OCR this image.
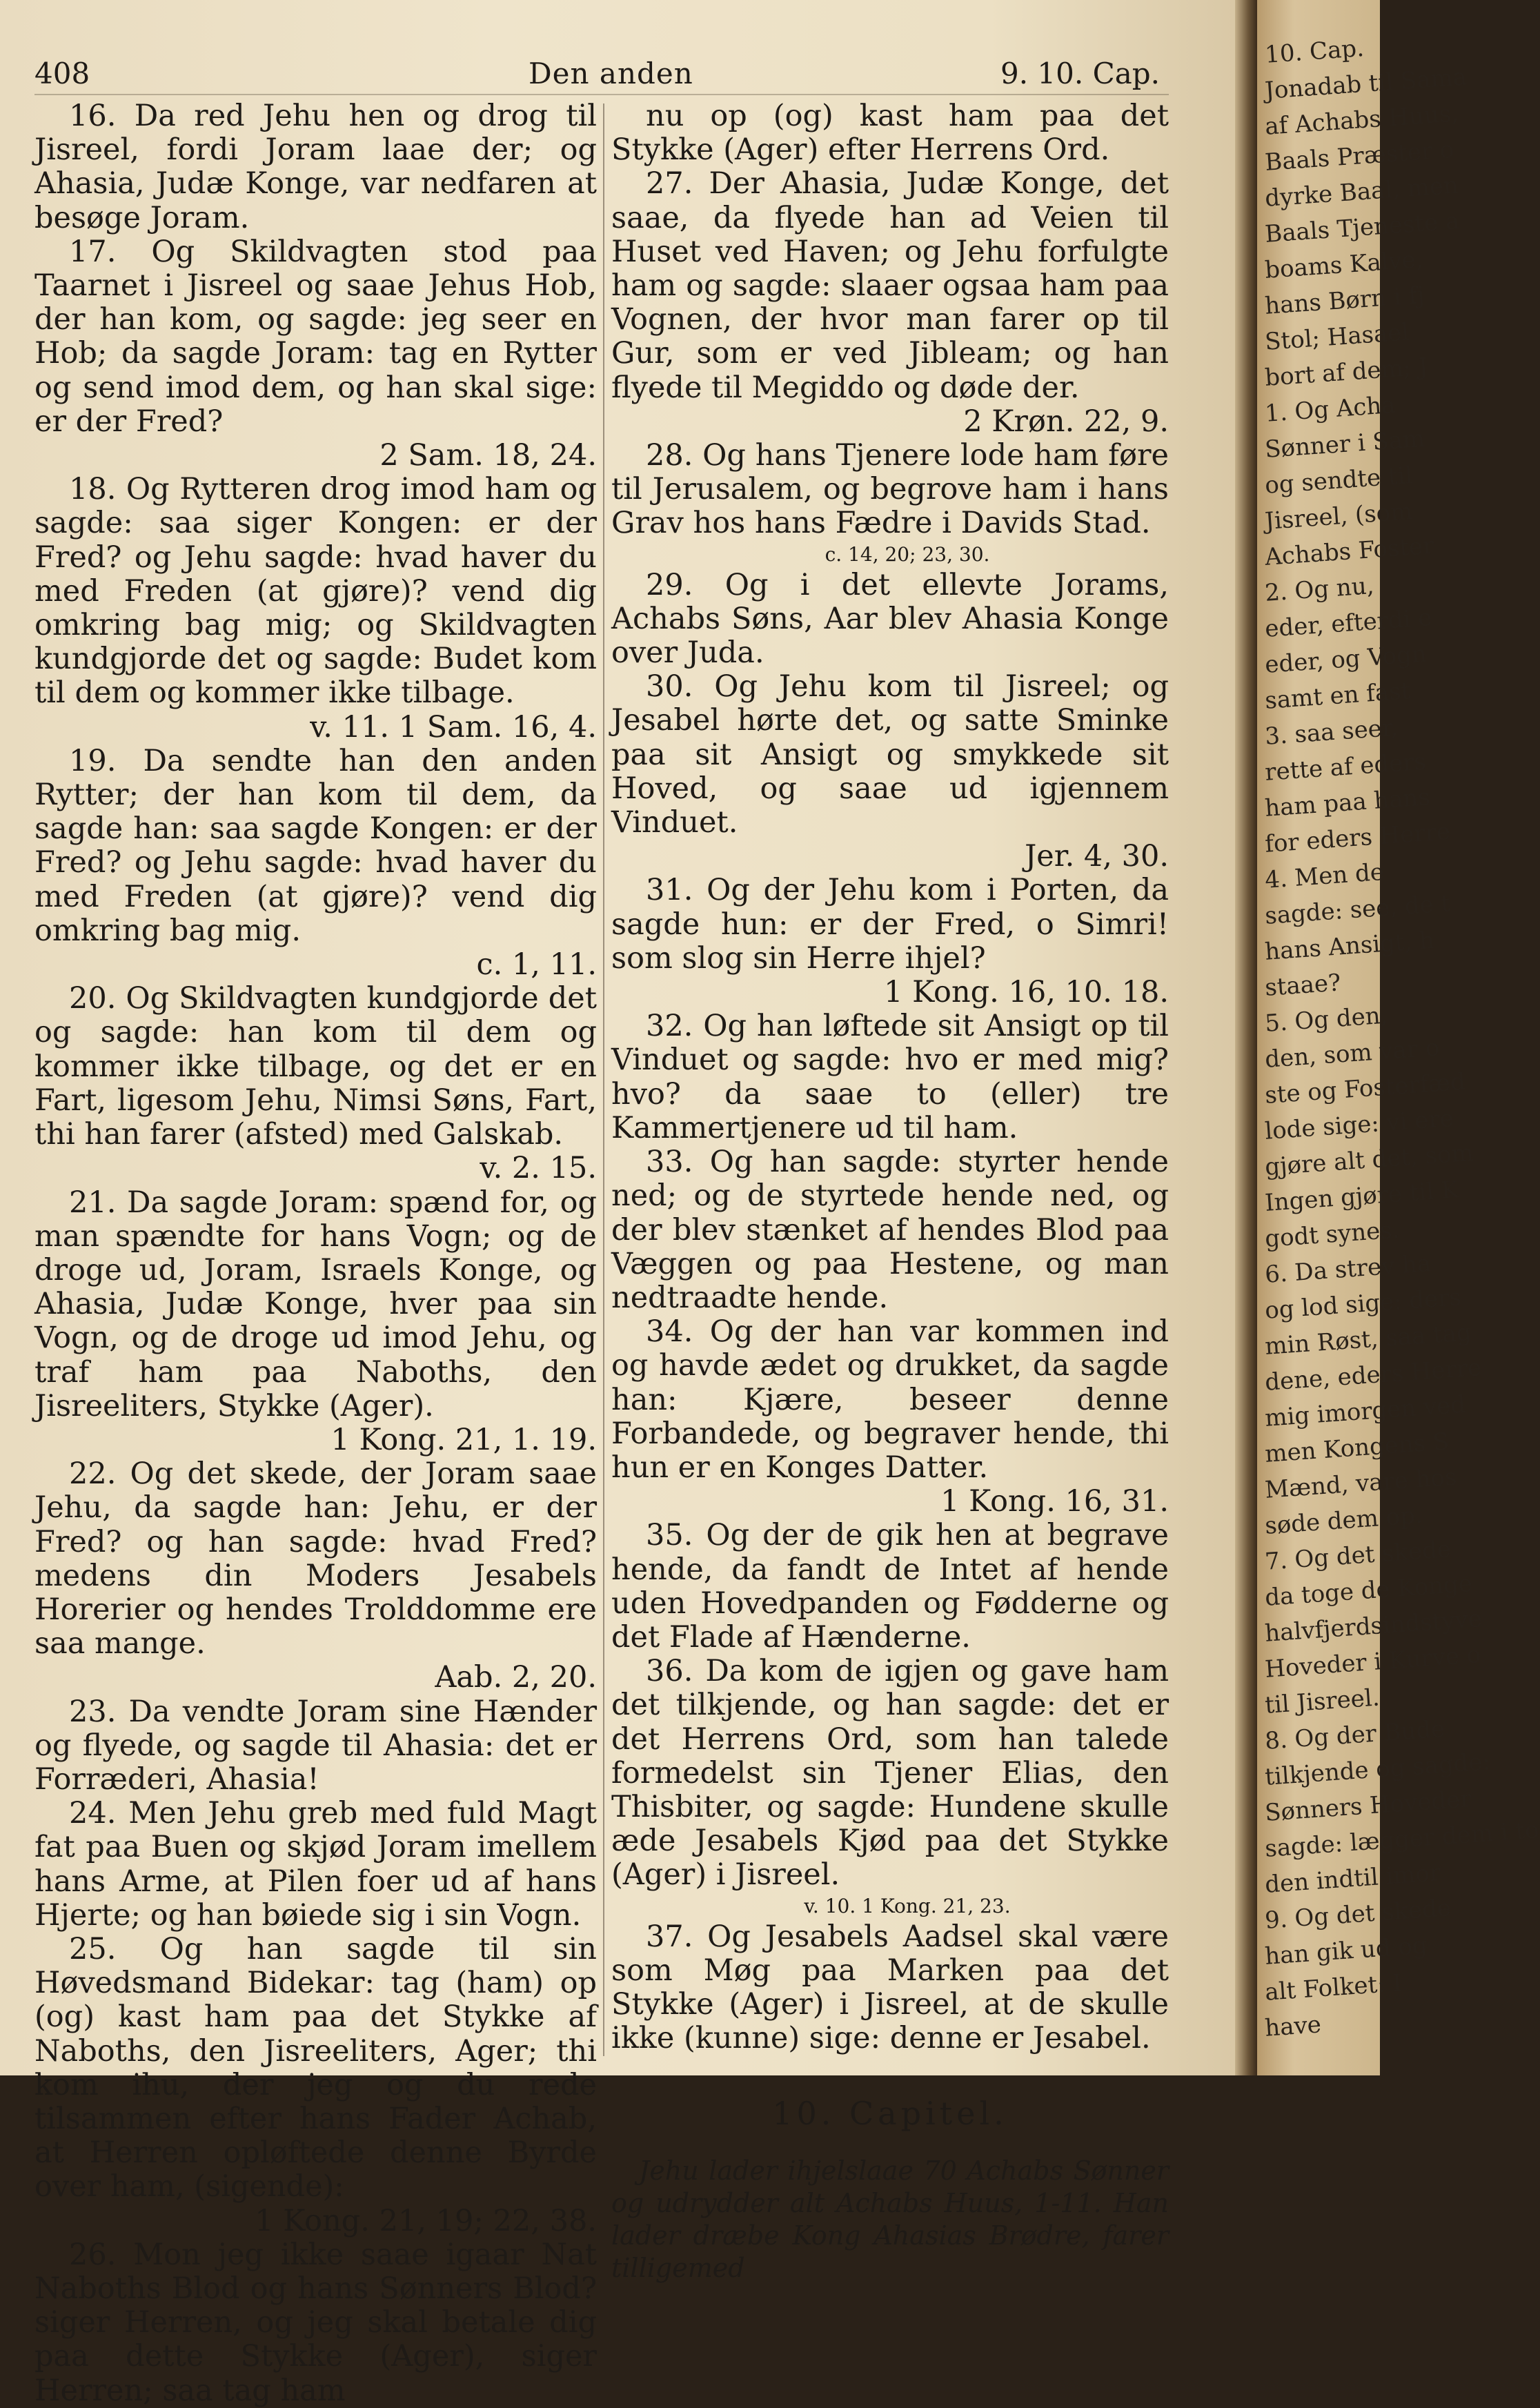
408	Den anden	9. 10. Cap.

16. Da red Jehu hen og drog til Jisreel, fordi Joram laae der; og Ahasia, Judæ Konge, var nedfaren at besøge Joram.

17. Og Skildvagten stod paa Taarnet i Jisreel og saae Jehus Hob, der han kom, og sagde: jeg seer en Hob; da sagde Joram: tag en Rytter og send imod dem, og han skal sige: er der Fred?
2 Sam. 18, 24.

18. Og Rytteren drog imod ham og sagde: saa siger Kongen: er der Fred? og Jehu sagde: hvad haver du med Freden (at gjøre)? vend dig omkring bag mig; og Skildvagten kundgjorde det og sagde: Budet kom til dem og kommer ikke tilbage.
v. 11. 1 Sam. 16, 4.

19. Da sendte han den anden Rytter; der han kom til dem, da sagde han: saa sagde Kongen: er der Fred? og Jehu sagde: hvad haver du med Freden (at gjøre)? vend dig omkring bag mig.
c. 1, 11.

20. Og Skildvagten kundgjorde det og sagde: han kom til dem og kommer ikke tilbage, og det er en Fart, ligesom Jehu, Nimsi Søns, Fart, thi han farer (afsted) med Galskab.
v. 2. 15.

21. Da sagde Joram: spænd for, og man spændte for hans Vogn; og de droge ud, Joram, Israels Konge, og Ahasia, Judæ Konge, hver paa sin Vogn, og de droge ud imod Jehu, og traf ham paa Naboths, den Jisreeliters, Stykke (Ager).
1 Kong. 21, 1. 19.

22. Og det skede, der Joram saae Jehu, da sagde han: Jehu, er der Fred? og han sagde: hvad Fred? medens din Moders Jesabels Horerier og hendes Trolddomme ere saa mange.
Aab. 2, 20.

23. Da vendte Joram sine Hænder og flyede, og sagde til Ahasia: det er Forræderi, Ahasia!

24. Men Jehu greb med fuld Magt fat paa Buen og skjød Joram imellem hans Arme, at Pilen foer ud af hans Hjerte; og han bøiede sig i sin Vogn.

25. Og han sagde til sin Høvedsmand Bidekar: tag (ham) op (og) kast ham paa det Stykke af Naboths, den Jisreeliters, Ager; thi kom ihu, der jeg og du rede tilsammen efter hans Fader Achab, at Herren opløftede denne Byrde over ham, (sigende):
1 Kong. 21, 19; 22, 38.

26. Mon jeg ikke saae igaar Nat Naboths Blod og hans Sønners Blod? siger Herren, og jeg skal betale dig paa dette Stykke (Ager), siger Herren; saa tag ham

nu op (og) kast ham paa det Stykke (Ager) efter Herrens Ord.

27. Der Ahasia, Judæ Konge, det saae, da flyede han ad Veien til Huset ved Haven; og Jehu forfulgte ham og sagde: slaaer ogsaa ham paa Vognen, der hvor man farer op til Gur, som er ved Jibleam; og han flyede til Megiddo og døde der.
2 Krøn. 22, 9.

28. Og hans Tjenere lode ham føre til Jerusalem, og begrove ham i hans Grav hos hans Fædre i Davids Stad.
c. 14, 20; 23, 30.

29. Og i det ellevte Jorams, Achabs Søns, Aar blev Ahasia Konge over Juda.

30. Og Jehu kom til Jisreel; og Jesabel hørte det, og satte Sminke paa sit Ansigt og smykkede sit Hoved, og saae ud igjennem Vinduet.
Jer. 4, 30.

31. Og der Jehu kom i Porten, da sagde hun: er der Fred, o Simri! som slog sin Herre ihjel?
1 Kong. 16, 10. 18.

32. Og han løftede sit Ansigt op til Vinduet og sagde: hvo er med mig? hvo? da saae to (eller) tre Kammertjenere ud til ham.

33. Og han sagde: styrter hende ned; og de styrtede hende ned, og der blev stænket af hendes Blod paa Væggen og paa Hestene, og man nedtraadte hende.

34. Og der han var kommen ind og havde ædet og drukket, da sagde han: Kjære, beseer denne Forbandede, og begraver hende, thi hun er en Konges Datter.
1 Kong. 16, 31.

35. Og der de gik hen at begrave hende, da fandt de Intet af hende uden Hovedpanden og Fødderne og det Flade af Hænderne.

36. Da kom de igjen og gave ham det tilkjende, og han sagde: det er det Herrens Ord, som han talede formedelst sin Tjener Elias, den Thisbiter, og sagde: Hundene skulle æde Jesabels Kjød paa det Stykke (Ager) i Jisreel.
v. 10. 1 Kong. 21, 23.

37. Og Jesabels Aadsel skal være som Møg paa Marken paa det Stykke (Ager) i Jisreel, at de skulle ikke (kunne) sige: denne er Jesabel.

10. Capitel.

Jehu lader ihjelslaae 70 Achabs Sønner og udrydder alt Achabs Huus, 1-11. Han lader dræbe Kong Ahasias Brødre, farer tilligemed

10. Cap.
Jonadab til Sama
af Achabs Huus,
Baals Præster o
dyrke Baal, men
Baals Tjeneste a
boams Kalve,
hans Børn i fj
Stol; Hasael
bort af dem; J
1. Og Acha
Sønner i Sam
og sendte til
Jisreel, (som
Achabs Foster
2. Og nu,
eder, efterdi e
eder, og Vogn
samt en fast
3. saa seer,
rette af eders
ham paa hans
for eders Herre
4. Men de
sagde: see, de t
hans Ansigt, h
staae?
5. Og den,
den, som var o
ste og Fosterfæd
lode sige: vi ere
gjøre alt det, som
Ingen gjøre til K
godt synes.
6. Da strev ha
og lod sige: ders
min Røst, saa tag
dene, eders Herre
mig imorgen ved
men Kongens S
Mænd, vare hos
søde dem op.
7. Og det skede
da toge de Konge
halvfjerdsindstyve
Hoveder i Kurve o
til Jisreel.
8. Og der Bude
tilkjende og sagde:
Sønners Hoveder
sagde: lægger dem i to
den indtil imor
9. Og det skede
han gik ud og
alt Folket: I
have
